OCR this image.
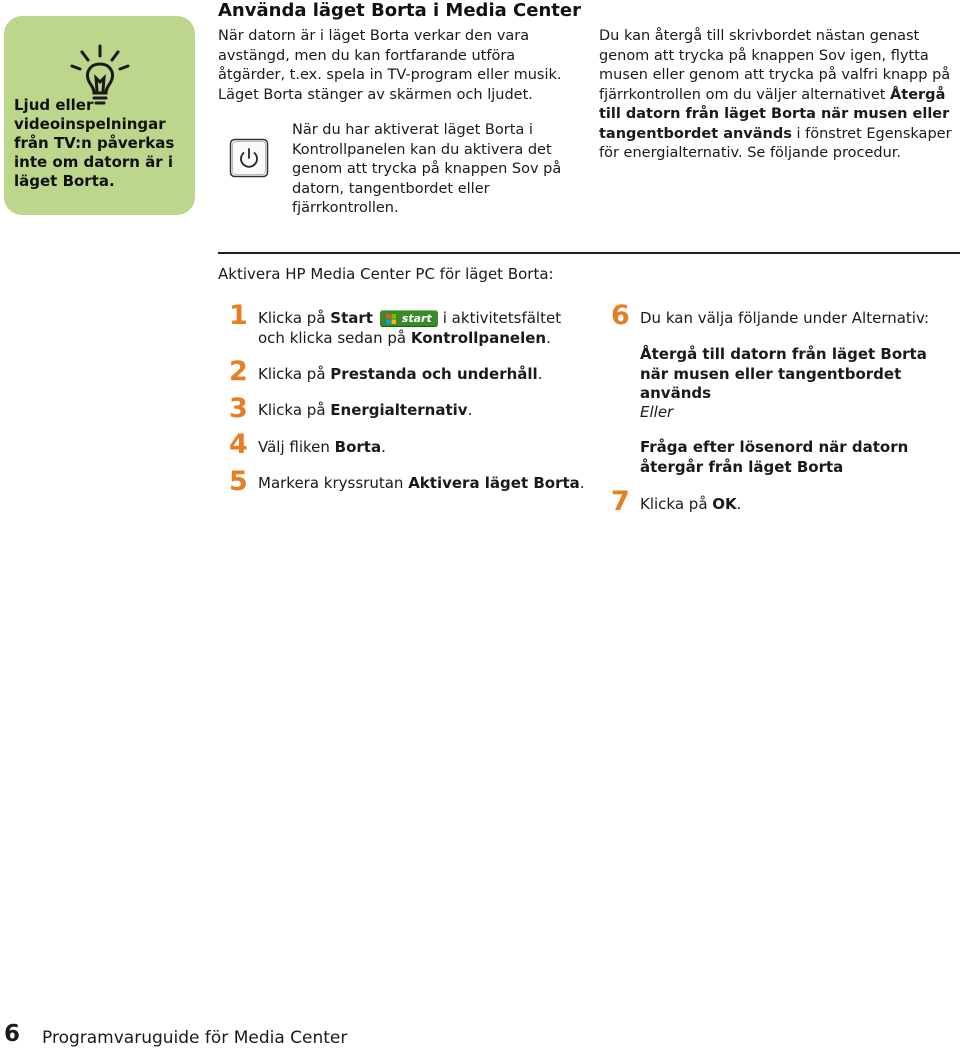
Ljud eller videoinspelningar från TV:n påverkas inte om datorn är i läget Borta.
Använda läget Borta i Media Center

När datorn är i läget Borta verkar den vara avstängd, men du kan fortfarande utföra åtgärder, t.ex. spela in TV-program eller musik. Läget Borta stänger av skärmen och ljudet.

När du har aktiverat läget Borta i Kontrollpanelen kan du aktivera det genom att trycka på knappen Sov på datorn, tangentbordet eller fjärrkontrollen.

Du kan återgå till skrivbordet nästan genast genom att trycka på knappen Sov igen, flytta musen eller genom att trycka på valfri knapp på fjärrkontrollen om du väljer alternativet Återgå till datorn från läget Borta när musen eller tangentbordet används i fönstret Egenskaper för energialternativ. Se följande procedur.

Aktivera HP Media Center PC för läget Borta:

1 Klicka på Start	start i aktivitetsfältet och klicka sedan på Kontrollpanelen.
2 Klicka på Prestanda och underhåll.
3 Klicka på Energialternativ.
4 Välj fliken Borta.
5 Markera kryssrutan Aktivera läget Borta.
6 Du kan välja följande under Alternativ:

Återgå till datorn från läget Borta när musen eller tangentbordet används

Eller

Fråga efter lösenord när datorn återgår från läget Borta

7 Klicka på OK.
6 Programvaruguide för Media Center
